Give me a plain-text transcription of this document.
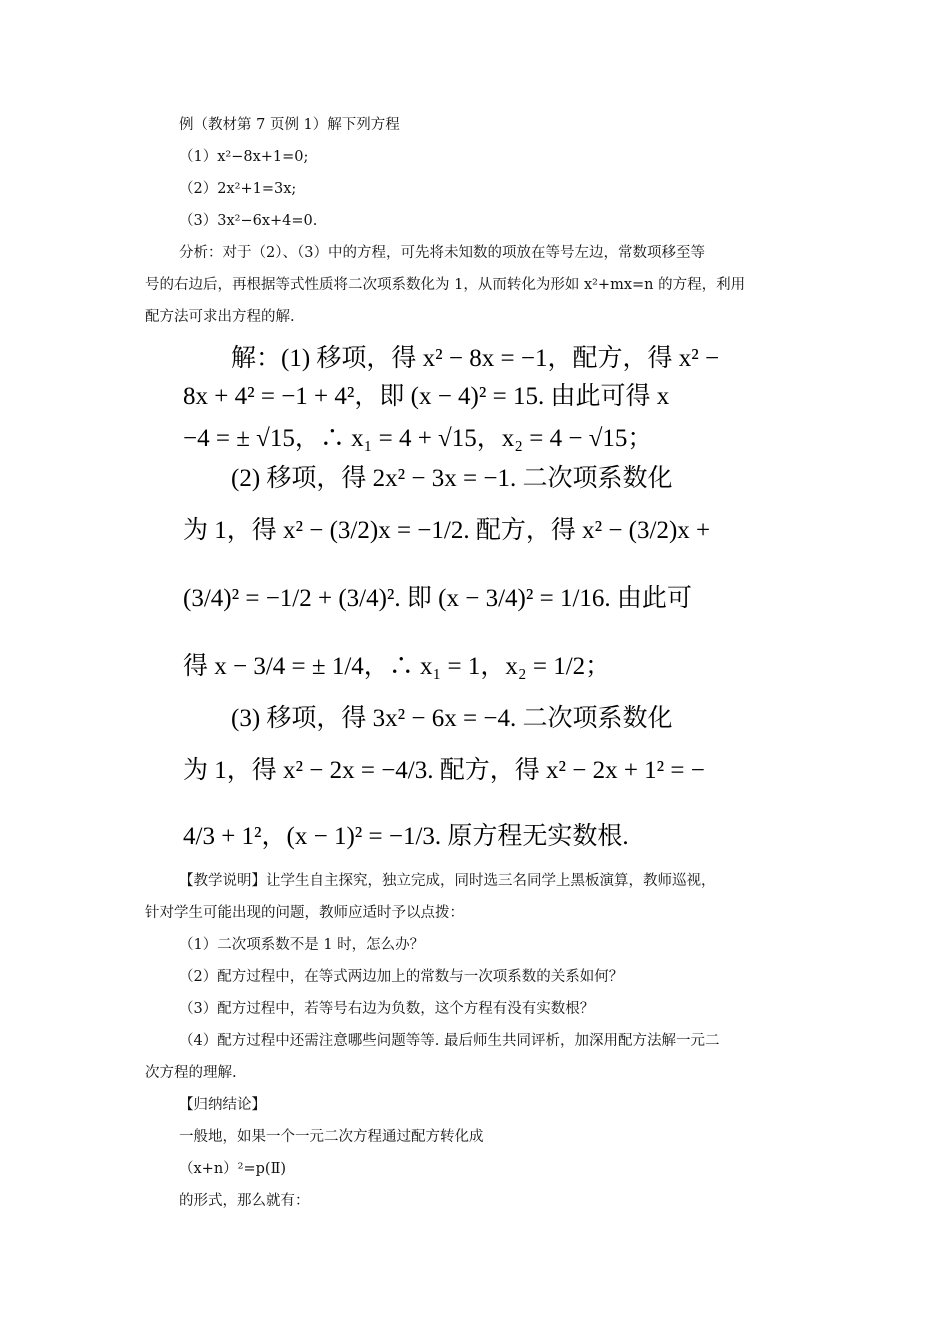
例（教材第 7 页例 1）解下列方程

（1）x²−8x+1=0;

（2）2x²+1=3x;

（3）3x²−6x+4=0.

分析：对于（2）、（3）中的方程，可先将未知数的项放在等号左边，常数项移至等

号的右边后，再根据等式性质将二次项系数化为 1，从而转化为形如 x²+mx=n 的方程，利用

配方法可求出方程的解.

解：(1) 移项，得 x² − 8x = −1，配方，得 x² −
8x + 4² = −1 + 4²，即 (x − 4)² = 15. 由此可得 x
−4 = ± √15，∴ x₁ = 4 + √15，x₂ = 4 − √15；
(2) 移项，得 2x² − 3x = −1. 二次项系数化
为 1，得 x² − (3/2)x = −1/2. 配方，得 x² − (3/2)x +
(3/4)² = −1/2 + (3/4)². 即 (x − 3/4)² = 1/16. 由此可
得 x − 3/4 = ± 1/4，∴ x₁ = 1，x₂ = 1/2；
(3) 移项，得 3x² − 6x = −4. 二次项系数化
为 1，得 x² − 2x = −4/3. 配方，得 x² − 2x + 1² = −
4/3 + 1²，(x − 1)² = −1/3. 原方程无实数根.

【教学说明】让学生自主探究，独立完成，同时选三名同学上黑板演算，教师巡视，

针对学生可能出现的问题，教师应适时予以点拨：

（1）二次项系数不是 1 时，怎么办？

（2）配方过程中，在等式两边加上的常数与一次项系数的关系如何？

（3）配方过程中，若等号右边为负数，这个方程有没有实数根？

（4）配方过程中还需注意哪些问题等等. 最后师生共同评析，加深用配方法解一元二

次方程的理解.

【归纳结论】

一般地，如果一个一元二次方程通过配方转化成

（x+n）²=p(Ⅱ)

的形式，那么就有：
